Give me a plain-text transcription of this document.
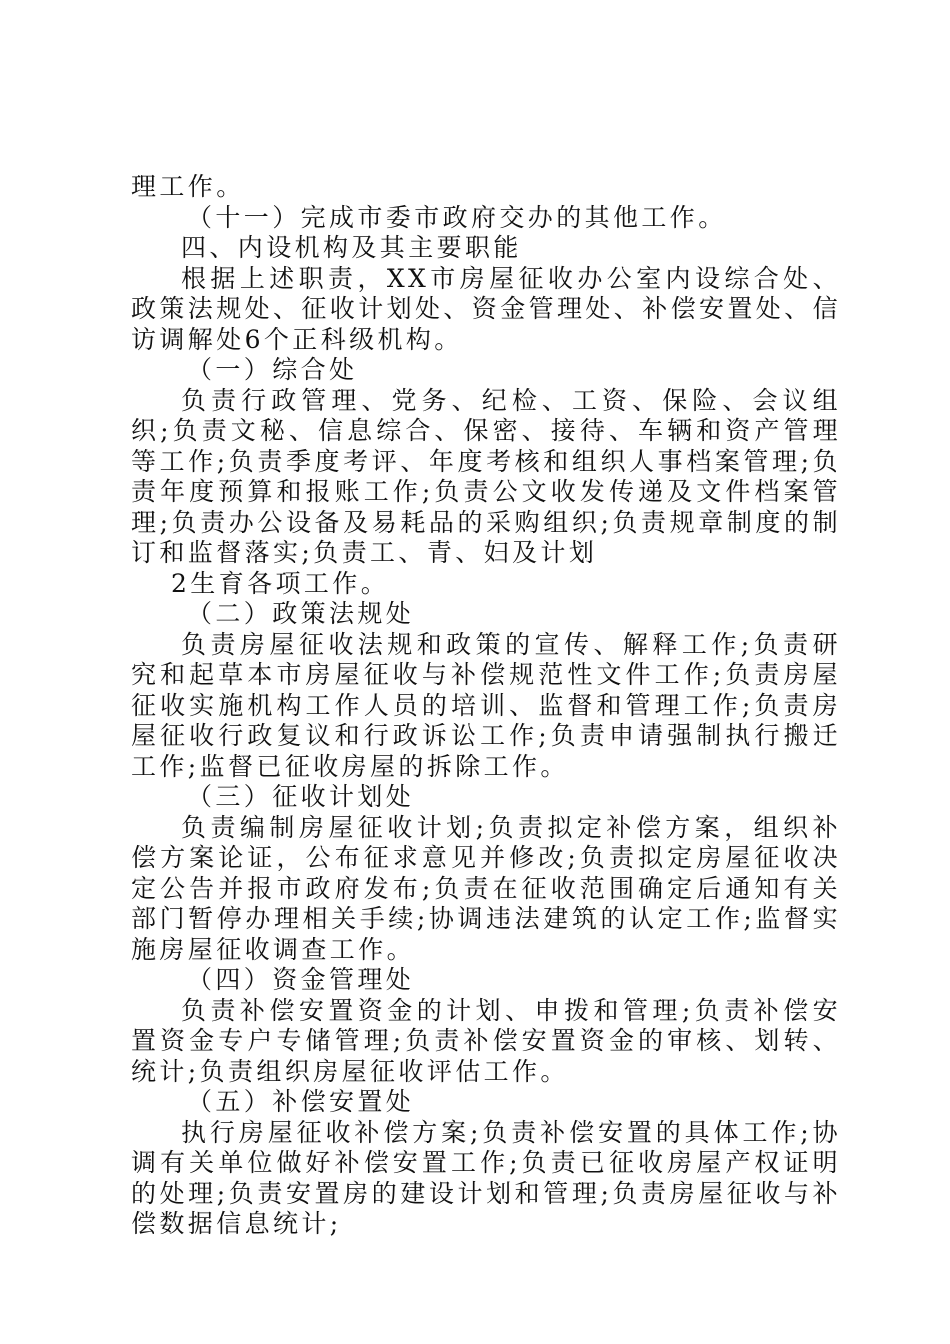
理工作。

（十一）完成市委市政府交办的其他工作。

四、内设机构及其主要职能

根据上述职责，XX市房屋征收办公室内设综合处、政策法规处、征收计划处、资金管理处、补偿安置处、信访调解处6个正科级机构。

（一）综合处

负责行政管理、党务、纪检、工资、保险、会议组织;负责文秘、信息综合、保密、接待、车辆和资产管理等工作;负责季度考评、年度考核和组织人事档案管理;负责年度预算和报账工作;负责公文收发传递及文件档案管理;负责办公设备及易耗品的采购组织;负责规章制度的制订和监督落实;负责工、青、妇及计划

2生育各项工作。

（二）政策法规处

负责房屋征收法规和政策的宣传、解释工作;负责研究和起草本市房屋征收与补偿规范性文件工作;负责房屋征收实施机构工作人员的培训、监督和管理工作;负责房屋征收行政复议和行政诉讼工作;负责申请强制执行搬迁工作;监督已征收房屋的拆除工作。

（三）征收计划处

负责编制房屋征收计划;负责拟定补偿方案，组织补偿方案论证，公布征求意见并修改;负责拟定房屋征收决定公告并报市政府发布;负责在征收范围确定后通知有关部门暂停办理相关手续;协调违法建筑的认定工作;监督实施房屋征收调查工作。

（四）资金管理处

负责补偿安置资金的计划、申拨和管理;负责补偿安置资金专户专储管理;负责补偿安置资金的审核、划转、统计;负责组织房屋征收评估工作。

（五）补偿安置处

执行房屋征收补偿方案;负责补偿安置的具体工作;协调有关单位做好补偿安置工作;负责已征收房屋产权证明的处理;负责安置房的建设计划和管理;负责房屋征收与补偿数据信息统计;
